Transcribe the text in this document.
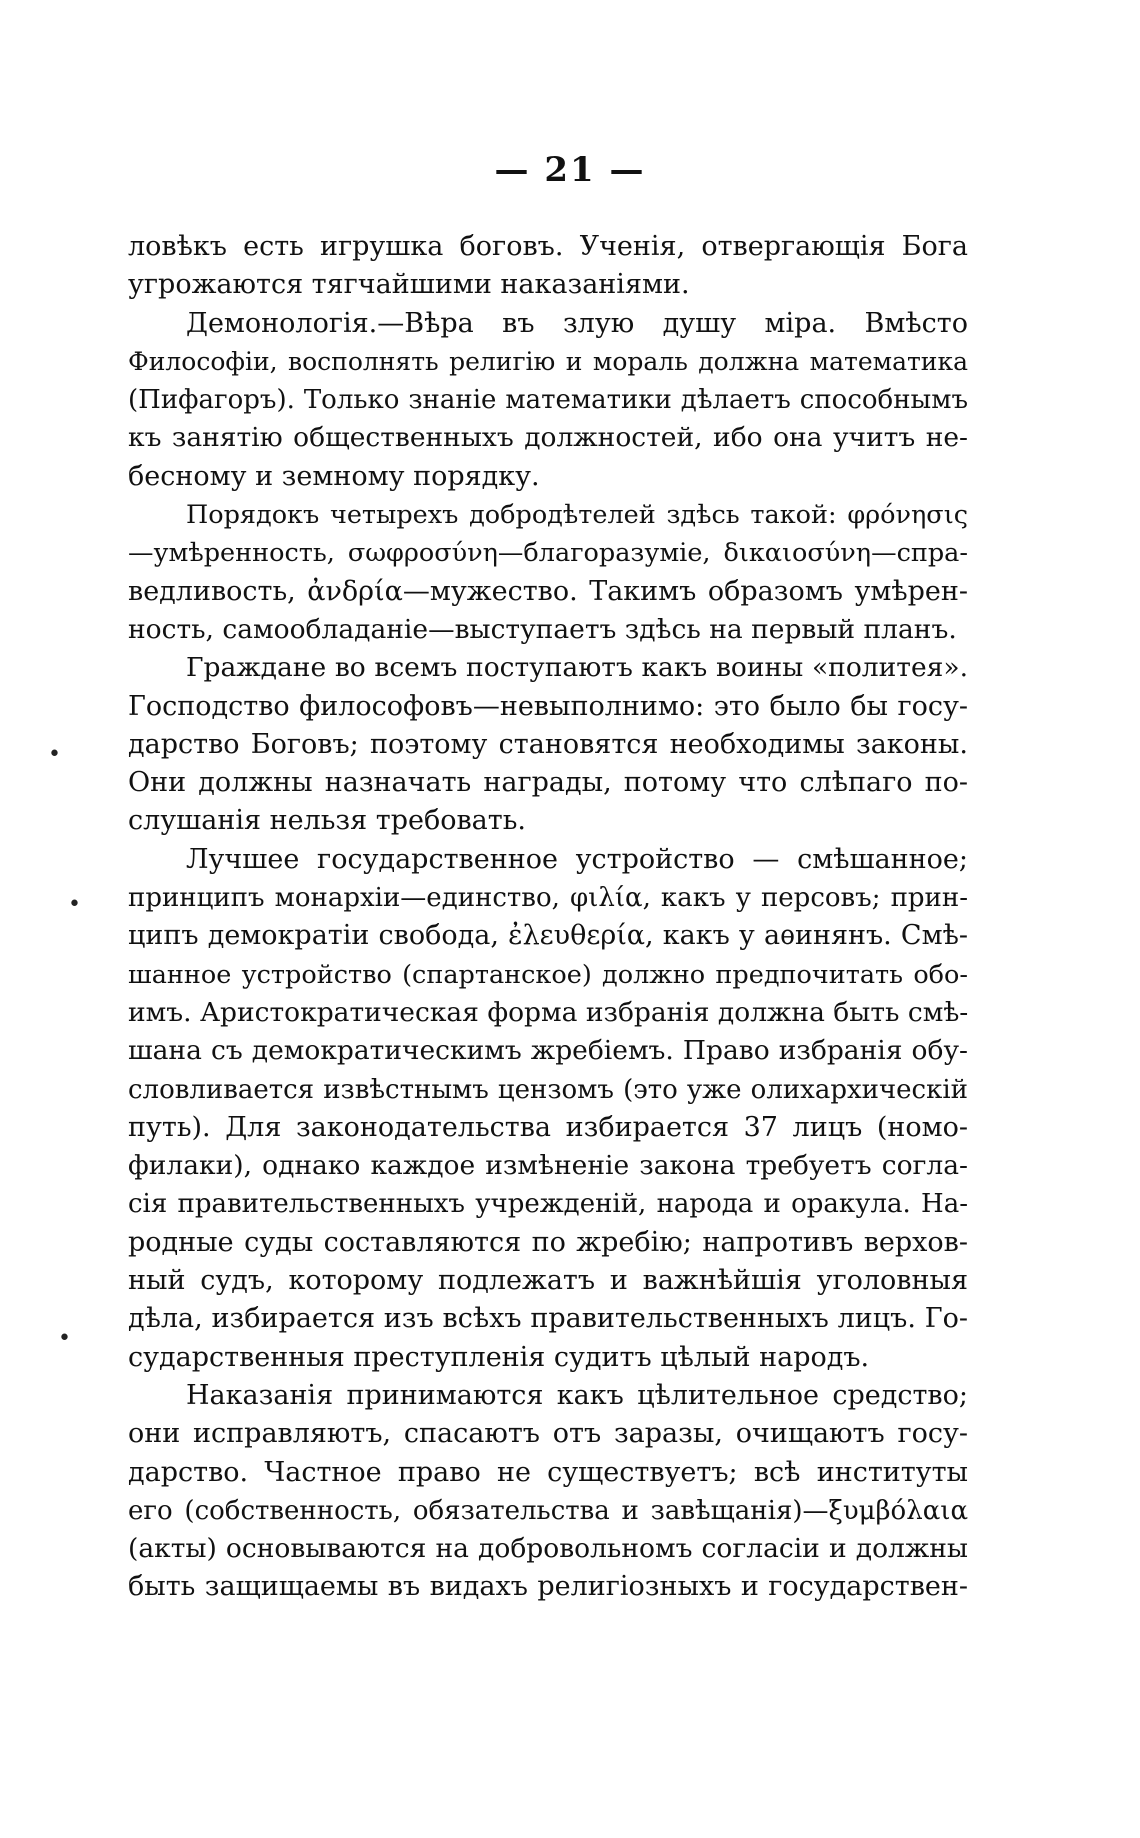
— 21 —
ловѣкъ есть игрушка боговъ. Ученія, отвергающія Бога
угрожаются тягчайшими наказаніями.
Демонологія.—Вѣра въ злую душу міра. Вмѣсто
Философіи, восполнять религію и мораль должна математика
(Пифагоръ). Только знаніе математики дѣлаетъ способнымъ
къ занятію общественныхъ должностей, ибо она учитъ не-
бесному и земному порядку.
Порядокъ четырехъ добродѣтелей здѣсь такой: φρόνησις
—умѣренность, σωφροσύνη—благоразуміе, δικαιοσύνη—спра-
ведливость, ἀνδρία—мужество. Такимъ образомъ умѣрен-
ность, самообладаніе—выступаетъ здѣсь на первый планъ.
Граждане во всемъ поступаютъ какъ воины «политея».
Господство философовъ—невыполнимо: это было бы госу-
дарство Боговъ; поэтому становятся необходимы законы.
Они должны назначать награды, потому что слѣпаго по-
слушанія нельзя требовать.
Лучшее государственное устройство — смѣшанное;
принципъ монархіи—единство, φιλία, какъ у персовъ; прин-
ципъ демократіи свобода, ἐλευθερία, какъ у аѳинянъ. Смѣ-
шанное устройство (спартанское) должно предпочитать обо-
имъ. Аристократическая форма избранія должна быть смѣ-
шана съ демократическимъ жребіемъ. Право избранія обу-
словливается извѣстнымъ цензомъ (это уже олихархическій
путь). Для законодательства избирается 37 лицъ (номо-
филаки), однако каждое измѣненіе закона требуетъ согла-
сія правительственныхъ учрежденій, народа и оракула. На-
родные суды составляются по жребію; напротивъ верхов-
ный судъ, которому подлежатъ и важнѣйшія уголовныя
дѣла, избирается изъ всѣхъ правительственныхъ лицъ. Го-
сударственныя преступленія судитъ цѣлый народъ.
Наказанія принимаются какъ цѣлительное средство;
они исправляютъ, спасаютъ отъ заразы, очищаютъ госу-
дарство. Частное право не существуетъ; всѣ институты
его (собственность, обязательства и завѣщанія)—ξυμβόλαια
(акты) основываются на добровольномъ согласіи и должны
быть защищаемы въ видахъ религіозныхъ и государствен-
•
•
•
